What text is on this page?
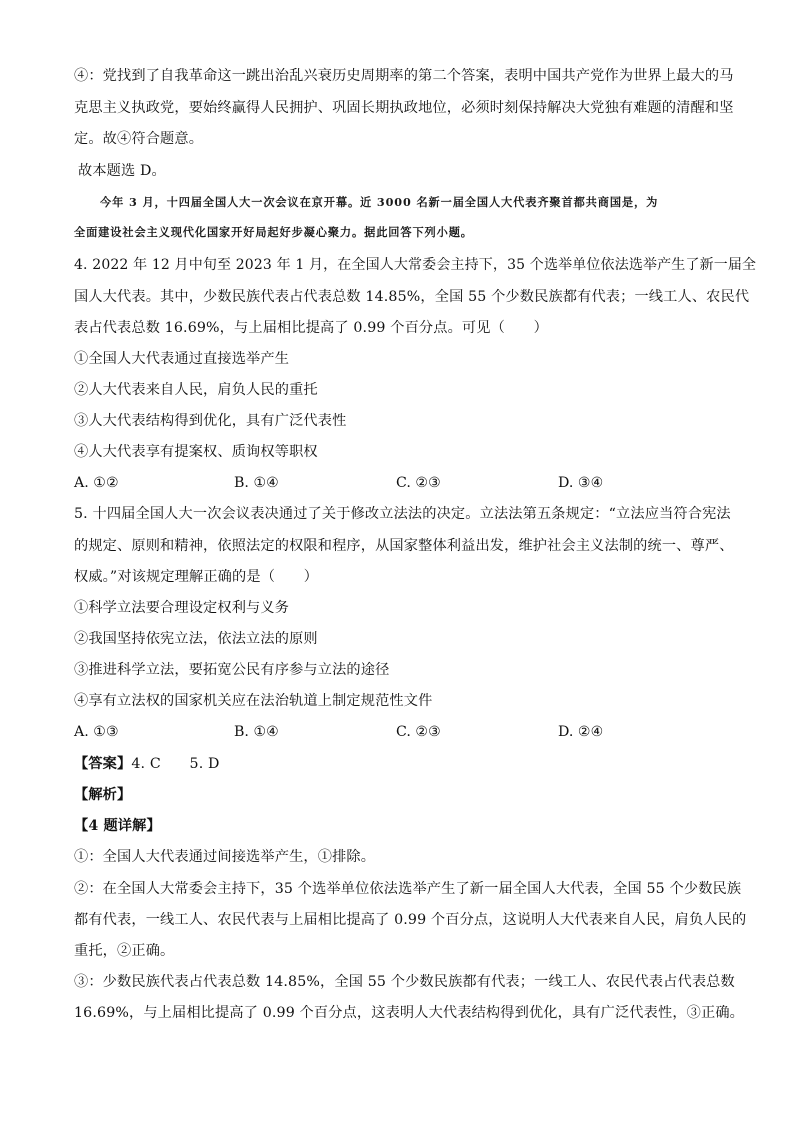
④：党找到了自我革命这一跳出治乱兴衰历史周期率的第二个答案，表明中国共产党作为世界上最大的马
克思主义执政党，要始终赢得人民拥护、巩固长期执政地位，必须时刻保持解决大党独有难题的清醒和坚
定。故④符合题意。
故本题选 D。
今年 3 月，十四届全国人大一次会议在京开幕。近 3000 名新一届全国人大代表齐聚首都共商国是，为
全面建设社会主义现代化国家开好局起好步凝心聚力。据此回答下列小题。
4. 2022 年 12 月中旬至 2023 年 1 月，在全国人大常委会主持下，35 个选举单位依法选举产生了新一届全
国人大代表。其中，少数民族代表占代表总数 14.85%，全国 55 个少数民族都有代表；一线工人、农民代
表占代表总数 16.69%，与上届相比提高了 0.99 个百分点。可见（　　）
①全国人大代表通过直接选举产生
②人大代表来自人民，肩负人民的重托
③人大代表结构得到优化，具有广泛代表性
④人大代表享有提案权、质询权等职权
A. ①②	B. ①④	C. ②③	D. ③④
5. 十四届全国人大一次会议表决通过了关于修改立法法的决定。立法法第五条规定：“立法应当符合宪法
的规定、原则和精神，依照法定的权限和程序，从国家整体利益出发，维护社会主义法制的统一、尊严、
权威。”对该规定理解正确的是（　　）
①科学立法要合理设定权利与义务
②我国坚持依宪立法，依法立法的原则
③推进科学立法，要拓宽公民有序参与立法的途径
④享有立法权的国家机关应在法治轨道上制定规范性文件
A. ①③	B. ①④	C. ②③	D. ②④
【答案】4. C　　5. D
【解析】
【4 题详解】
①：全国人大代表通过间接选举产生，①排除。
②：在全国人大常委会主持下，35 个选举单位依法选举产生了新一届全国人大代表，全国 55 个少数民族
都有代表，一线工人、农民代表与上届相比提高了 0.99 个百分点，这说明人大代表来自人民，肩负人民的
重托，②正确。
③：少数民族代表占代表总数 14.85%，全国 55 个少数民族都有代表；一线工人、农民代表占代表总数
16.69%，与上届相比提高了 0.99 个百分点，这表明人大代表结构得到优化，具有广泛代表性，③正确。
